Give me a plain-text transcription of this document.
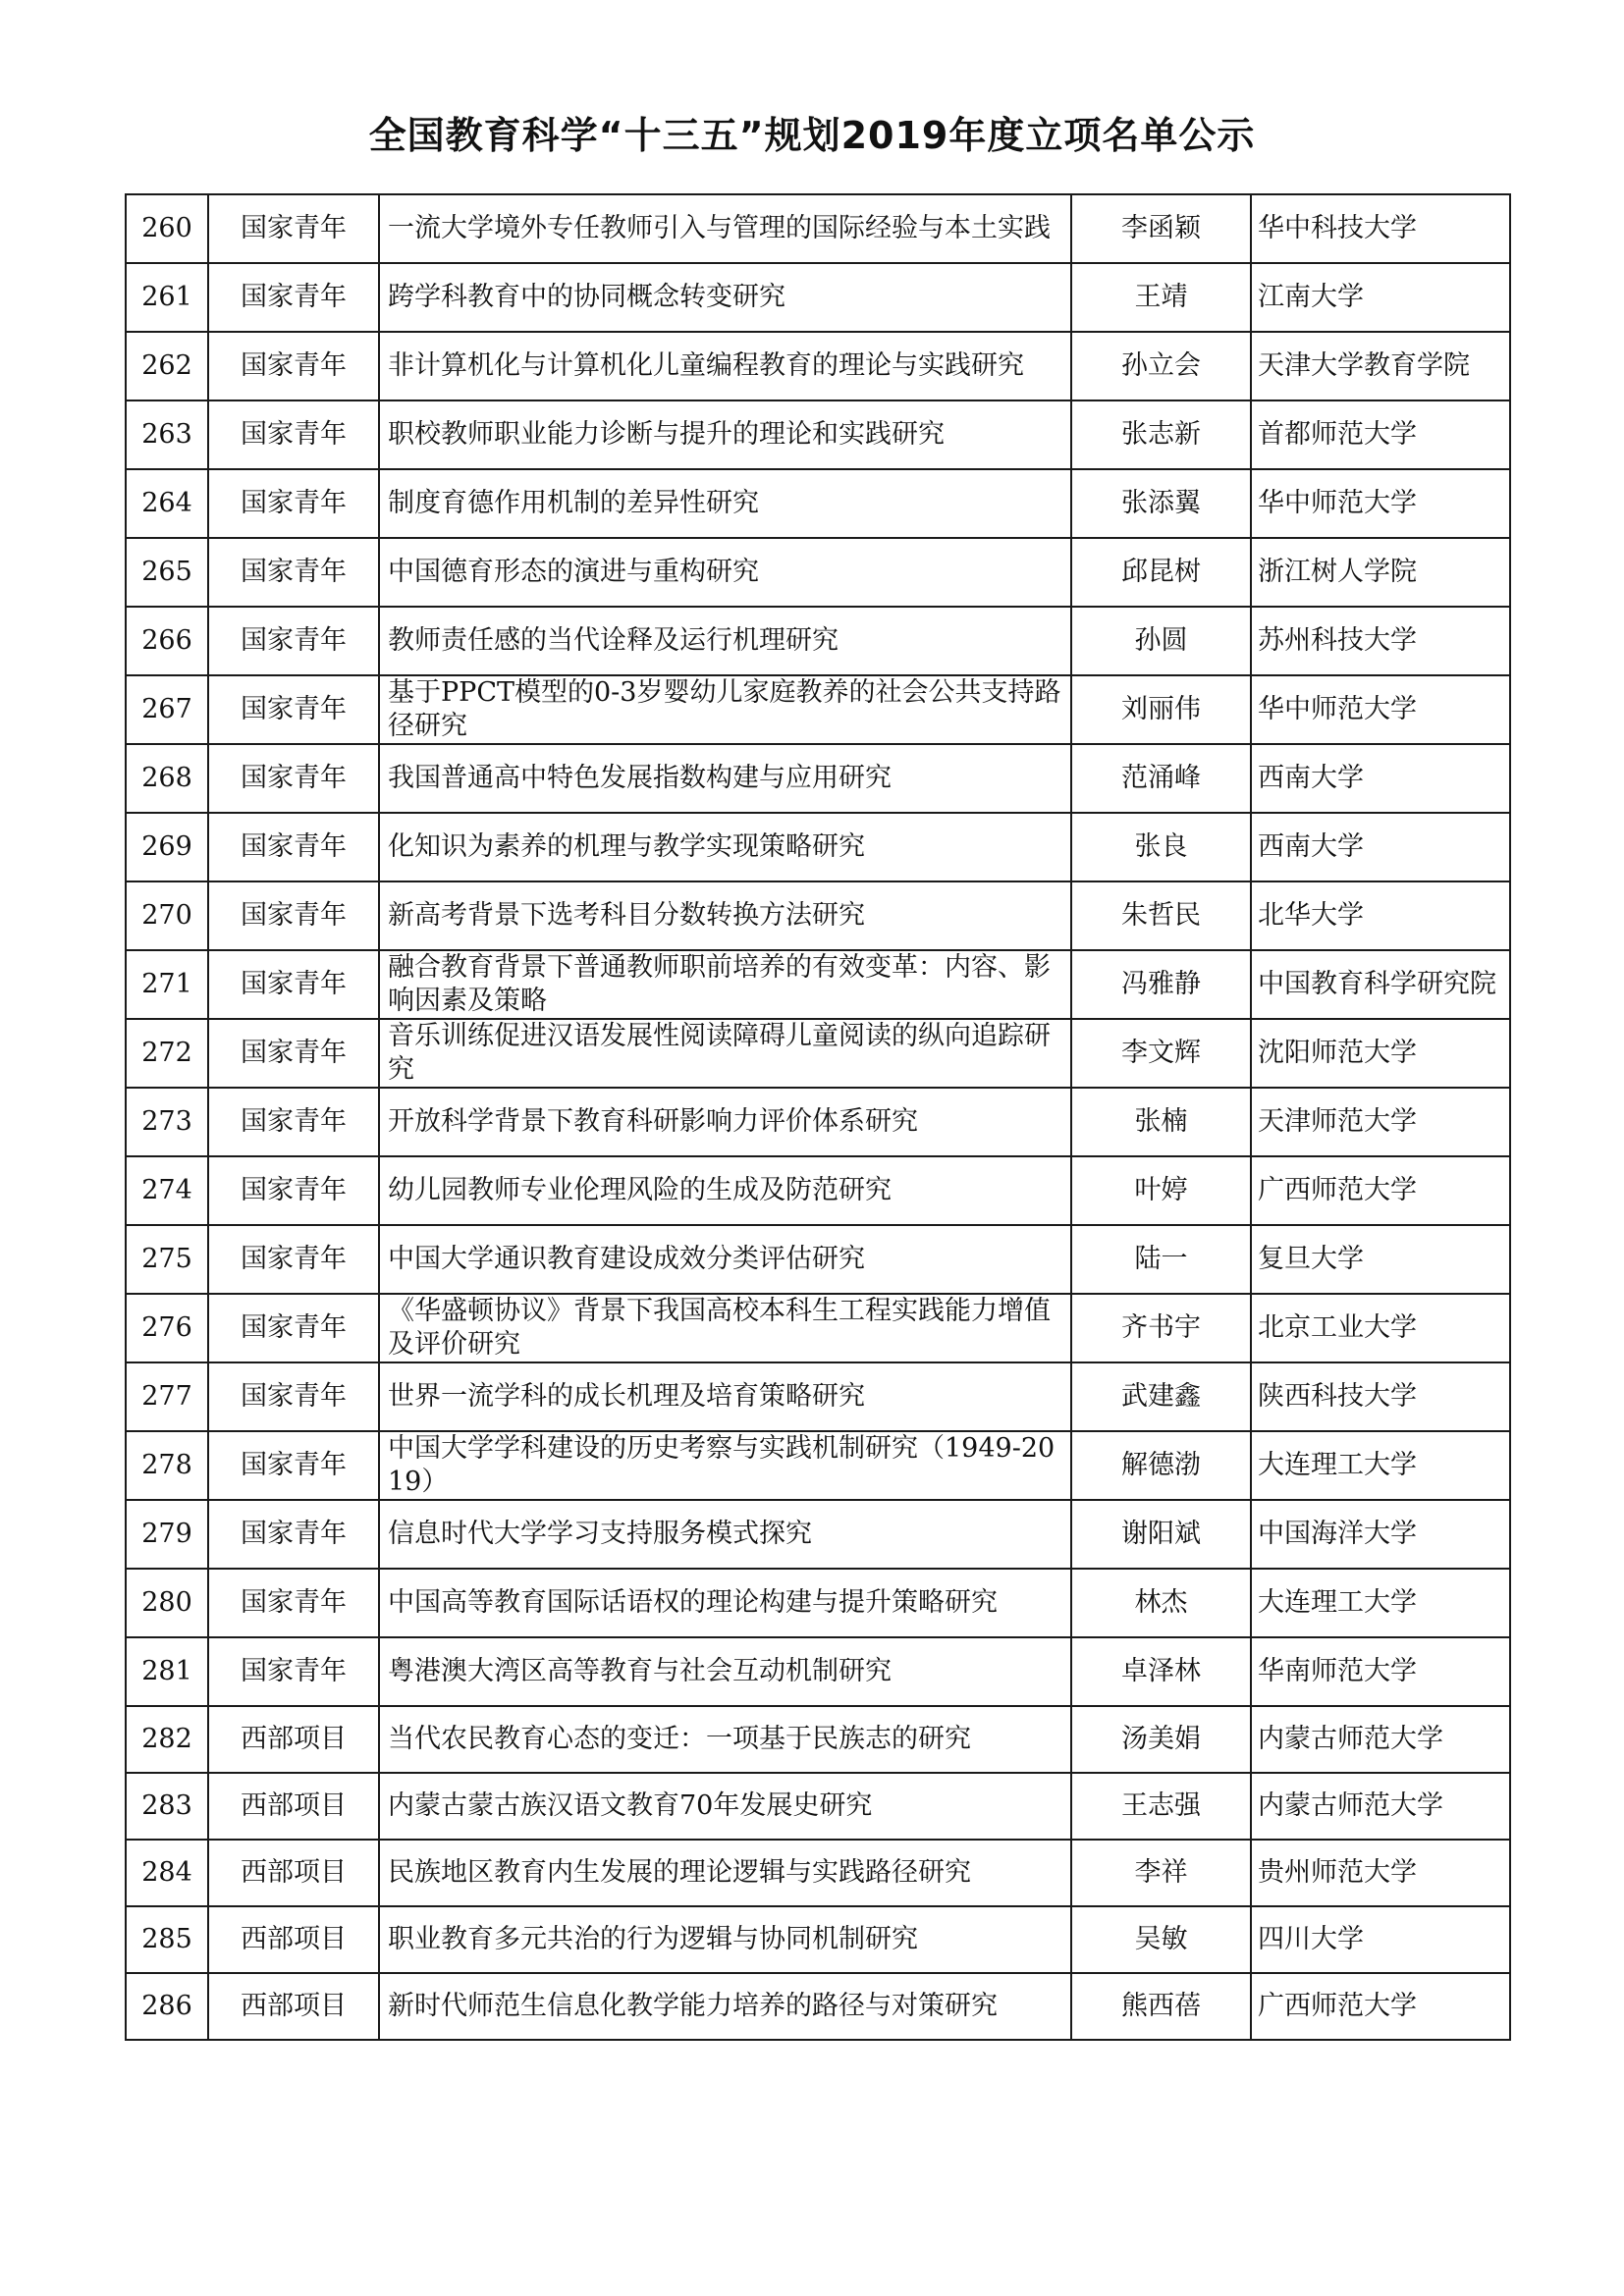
全国教育科学“十三五”规划2019年度立项名单公示
260	国家青年	一流大学境外专任教师引入与管理的国际经验与本土实践	李函颖	华中科技大学

261	国家青年	跨学科教育中的协同概念转变研究	王靖	江南大学

262	国家青年	非计算机化与计算机化儿童编程教育的理论与实践研究	孙立会	天津大学教育学院

263	国家青年	职校教师职业能力诊断与提升的理论和实践研究	张志新	首都师范大学

264	国家青年	制度育德作用机制的差异性研究	张添翼	华中师范大学

265	国家青年	中国德育形态的演进与重构研究	邱昆树	浙江树人学院

266	国家青年	教师责任感的当代诠释及运行机理研究	孙圆	苏州科技大学

267	国家青年	基于PPCT模型的0-3岁婴幼儿家庭教养的社会公共支持路径研究	刘丽伟	华中师范大学

268	国家青年	我国普通高中特色发展指数构建与应用研究	范涌峰	西南大学

269	国家青年	化知识为素养的机理与教学实现策略研究	张良	西南大学

270	国家青年	新高考背景下选考科目分数转换方法研究	朱哲民	北华大学

271	国家青年	融合教育背景下普通教师职前培养的有效变革：内容、影响因素及策略	冯雅静	中国教育科学研究院

272	国家青年	音乐训练促进汉语发展性阅读障碍儿童阅读的纵向追踪研究	李文辉	沈阳师范大学

273	国家青年	开放科学背景下教育科研影响力评价体系研究	张楠	天津师范大学

274	国家青年	幼儿园教师专业伦理风险的生成及防范研究	叶婷	广西师范大学

275	国家青年	中国大学通识教育建设成效分类评估研究	陆一	复旦大学

276	国家青年	《华盛顿协议》背景下我国高校本科生工程实践能力增值及评价研究	齐书宇	北京工业大学

277	国家青年	世界一流学科的成长机理及培育策略研究	武建鑫	陕西科技大学

278	国家青年	中国大学学科建设的历史考察与实践机制研究（1949-2019）	解德渤	大连理工大学

279	国家青年	信息时代大学学习支持服务模式探究	谢阳斌	中国海洋大学

280	国家青年	中国高等教育国际话语权的理论构建与提升策略研究	林杰	大连理工大学

281	国家青年	粤港澳大湾区高等教育与社会互动机制研究	卓泽林	华南师范大学

282	西部项目	当代农民教育心态的变迁：一项基于民族志的研究	汤美娟	内蒙古师范大学

283	西部项目	内蒙古蒙古族汉语文教育70年发展史研究	王志强	内蒙古师范大学

284	西部项目	民族地区教育内生发展的理论逻辑与实践路径研究	李祥	贵州师范大学

285	西部项目	职业教育多元共治的行为逻辑与协同机制研究	吴敏	四川大学

286	西部项目	新时代师范生信息化教学能力培养的路径与对策研究	熊西蓓	广西师范大学
